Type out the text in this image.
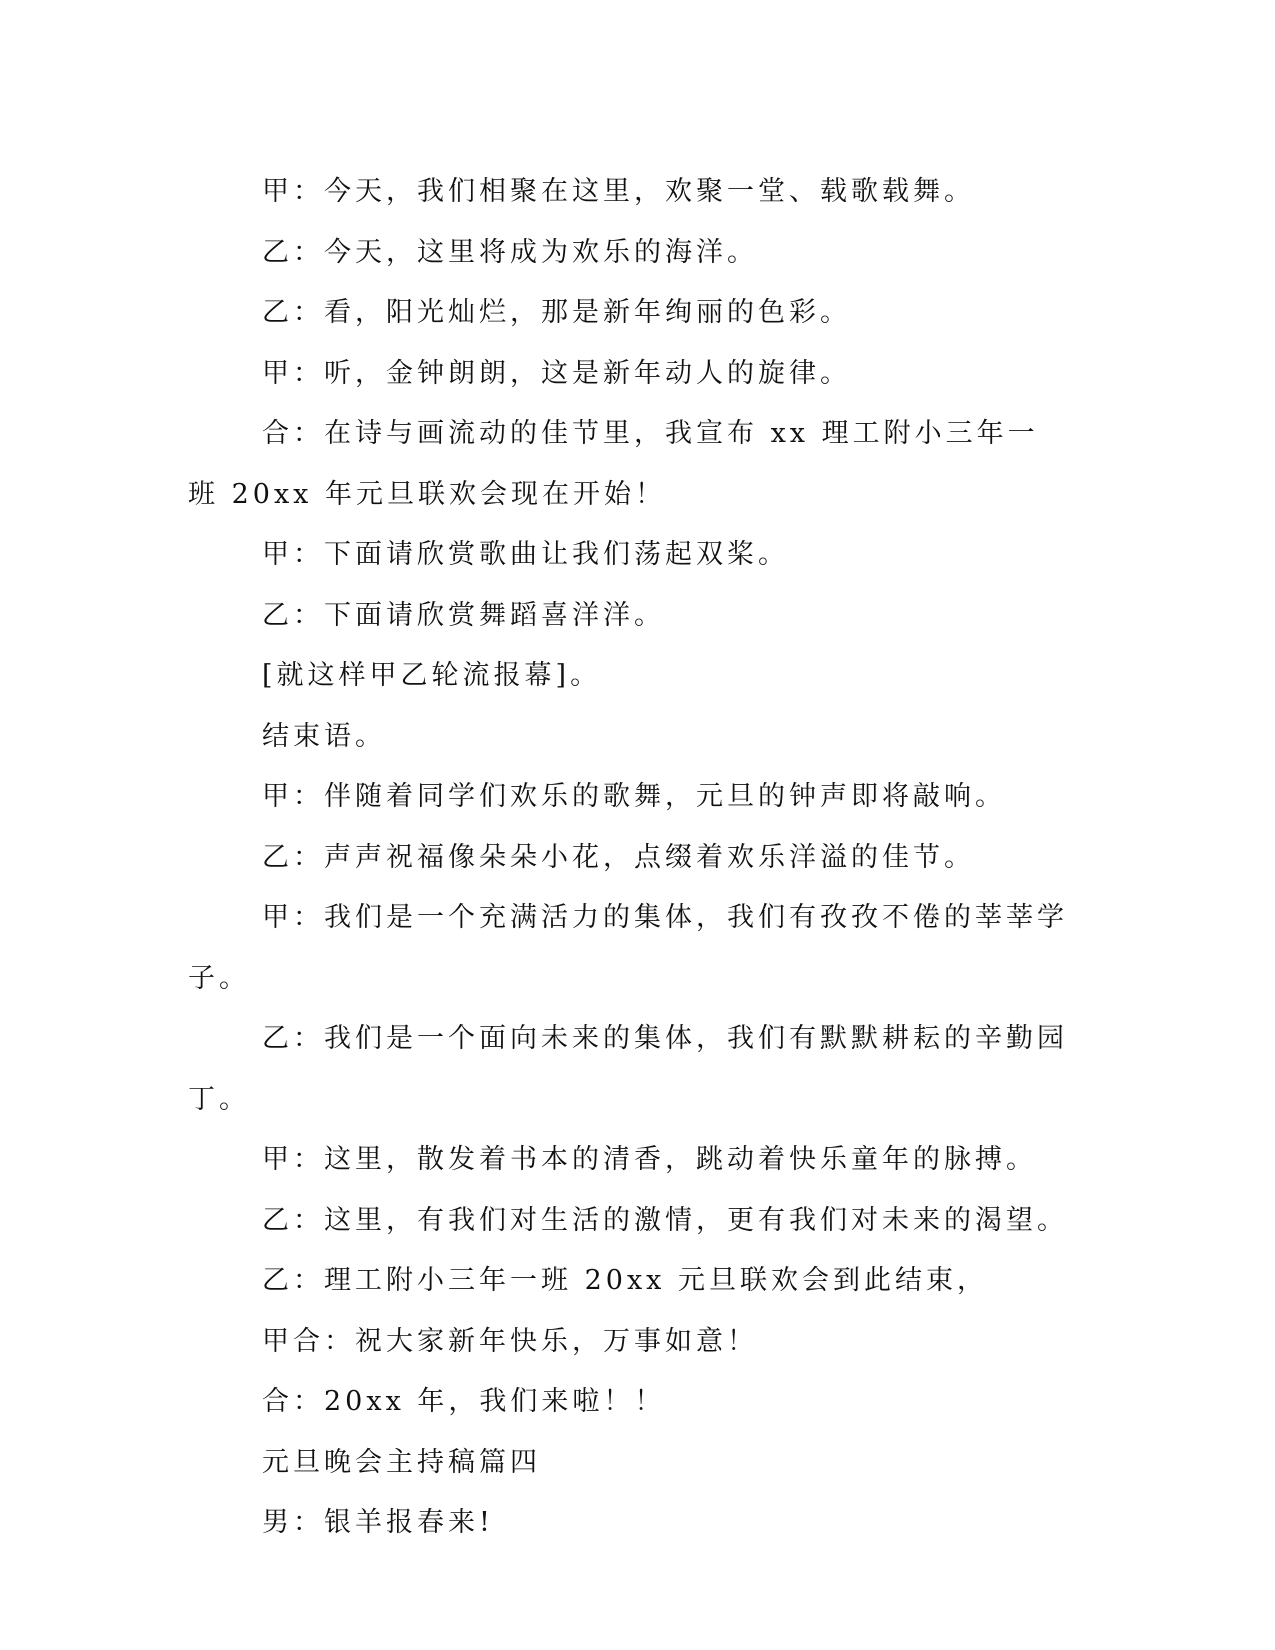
甲：今天，我们相聚在这里，欢聚一堂、载歌载舞。

乙：今天，这里将成为欢乐的海洋。

乙：看，阳光灿烂，那是新年绚丽的色彩。

甲：听，金钟朗朗，这是新年动人的旋律。

合：在诗与画流动的佳节里，我宣布 xx 理工附小三年一班 20xx 年元旦联欢会现在开始！

甲：下面请欣赏歌曲让我们荡起双桨。

乙：下面请欣赏舞蹈喜洋洋。

[就这样甲乙轮流报幕]。

结束语。

甲：伴随着同学们欢乐的歌舞，元旦的钟声即将敲响。

乙：声声祝福像朵朵小花，点缀着欢乐洋溢的佳节。

甲：我们是一个充满活力的集体，我们有孜孜不倦的莘莘学子。

乙：我们是一个面向未来的集体，我们有默默耕耘的辛勤园丁。

甲：这里，散发着书本的清香，跳动着快乐童年的脉搏。

乙：这里，有我们对生活的激情，更有我们对未来的渴望。

乙：理工附小三年一班 20xx 元旦联欢会到此结束，

甲合：祝大家新年快乐，万事如意！

合：20xx 年，我们来啦！！

元旦晚会主持稿篇四

男：银羊报春来!
